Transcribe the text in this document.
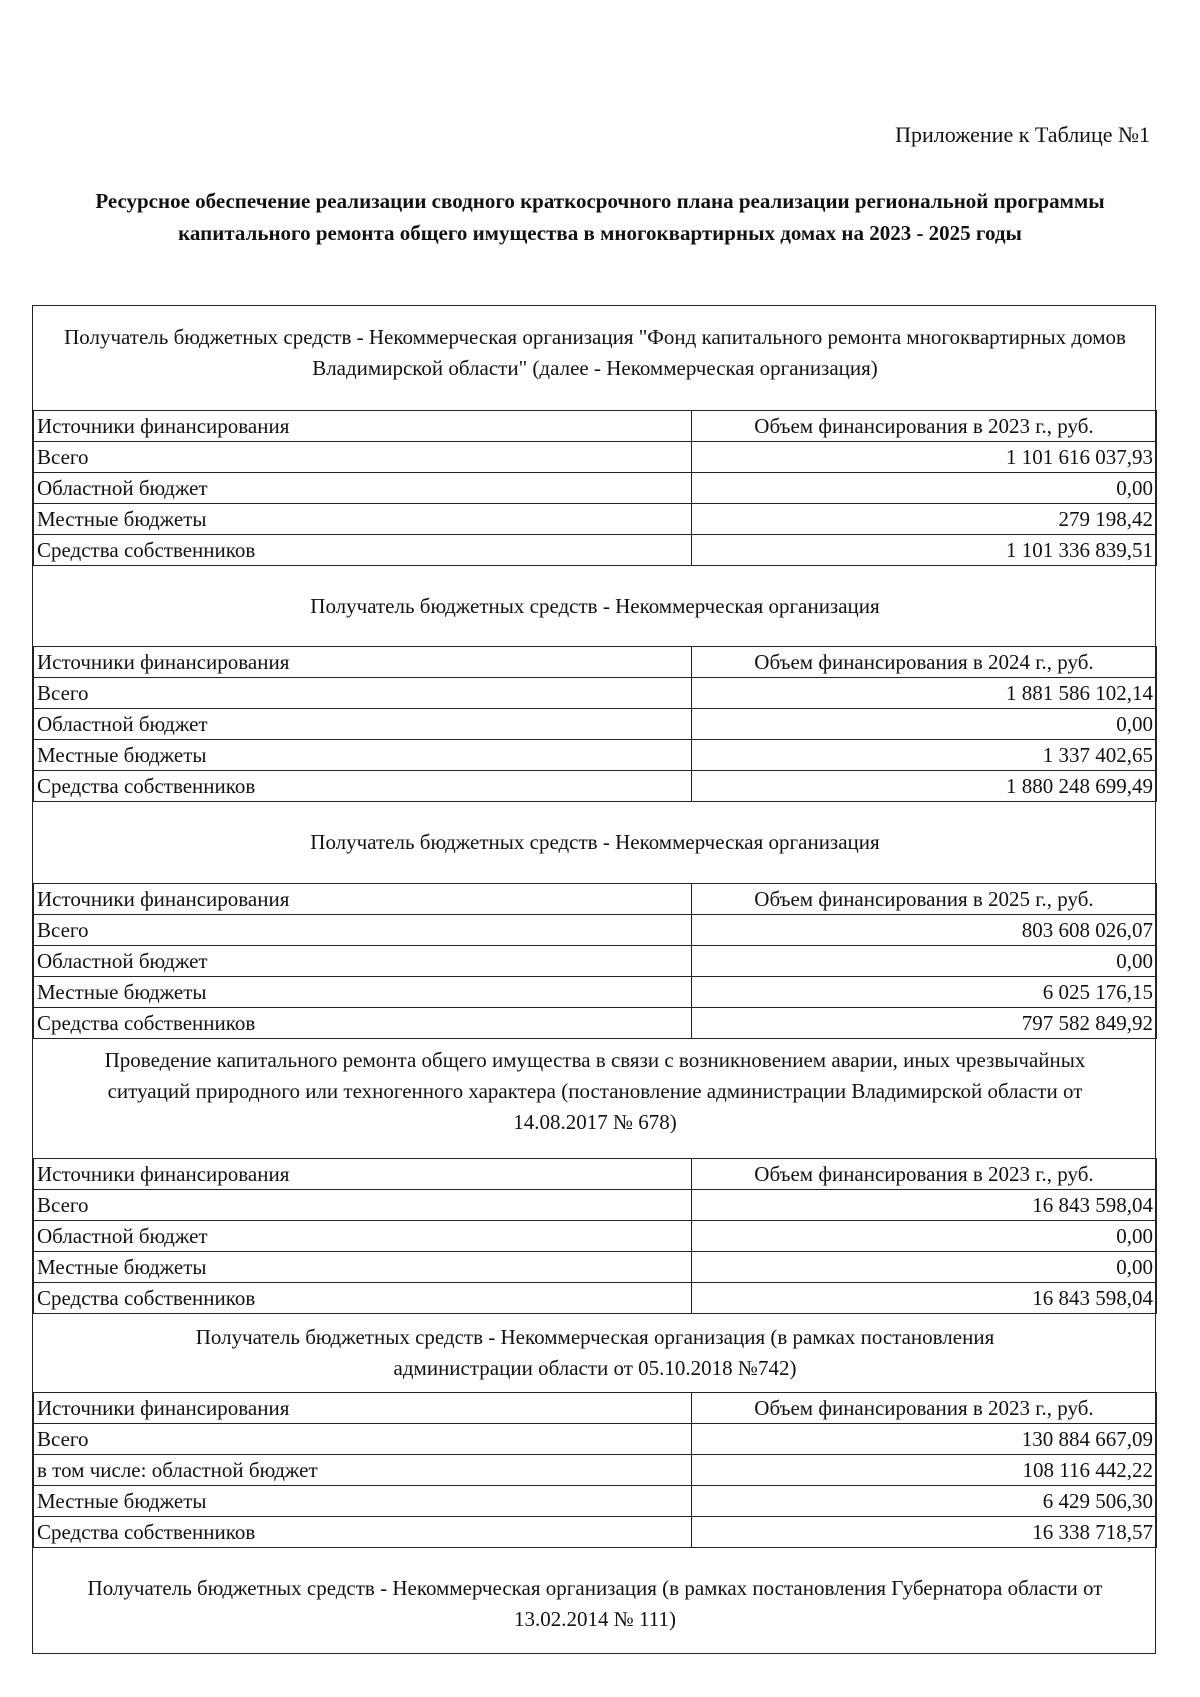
Приложение к Таблице №1
Ресурсное обеспечение реализации сводного краткосрочного плана реализации региональной программы капитального ремонта общего имущества в многоквартирных домах на 2023 - 2025 годы
Получатель бюджетных средств - Некоммерческая организация "Фонд капитального ремонта многоквартирных домов Владимирской области" (далее - Некоммерческая организация)
Источники финансирования	Объем финансирования в 2023 г., руб.
Всего	1 101 616 037,93
Областной бюджет	0,00
Местные бюджеты	279 198,42
Средства собственников	1 101 336 839,51
Получатель бюджетных средств - Некоммерческая организация
Источники финансирования	Объем финансирования в 2024 г., руб.
Всего	1 881 586 102,14
Областной бюджет	0,00
Местные бюджеты	1 337 402,65
Средства собственников	1 880 248 699,49
Получатель бюджетных средств - Некоммерческая организация
Источники финансирования	Объем финансирования в 2025 г., руб.
Всего	803 608 026,07
Областной бюджет	0,00
Местные бюджеты	6 025 176,15
Средства собственников	797 582 849,92
Проведение капитального ремонта общего имущества в связи с возникновением аварии, иных чрезвычайных ситуаций природного или техногенного характера (постановление администрации Владимирской области от 14.08.2017 № 678)
Источники финансирования	Объем финансирования в 2023 г., руб.
Всего	16 843 598,04
Областной бюджет	0,00
Местные бюджеты	0,00
Средства собственников	16 843 598,04
Получатель бюджетных средств - Некоммерческая организация (в рамках постановления администрации области от 05.10.2018 №742)
Источники финансирования	Объем финансирования в 2023 г., руб.
Всего	130 884 667,09
в том числе: областной бюджет	108 116 442,22
Местные бюджеты	6 429 506,30
Средства собственников	16 338 718,57
Получатель бюджетных средств - Некоммерческая организация (в рамках постановления Губернатора области от 13.02.2014 № 111)
